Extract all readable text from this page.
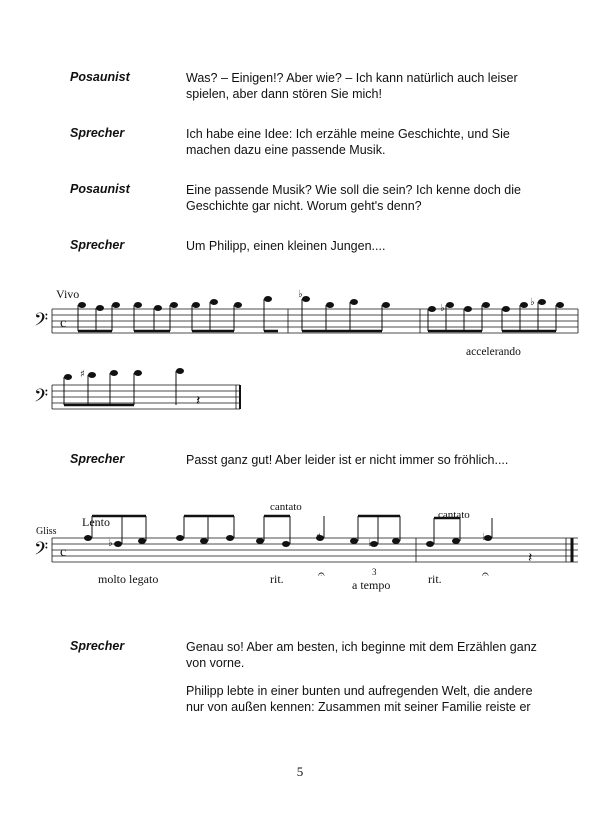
Posaunist	Was? – Einigen!? Aber wie? – Ich kann natürlich auch leiser
spielen, aber dann stören Sie mich!
Sprecher	Ich habe eine Idee: Ich erzähle meine Geschichte, und Sie
machen dazu eine passende Musik.
Posaunist	Eine passende Musik? Wie soll die sein? Ich kenne doch die
Geschichte gar nicht. Worum geht's denn?
Sprecher	Um Philipp, einen kleinen Jungen....
Vivo
𝄢 c
♭
♭
♭
𝄢
♯
𝄽
accelerando
Sprecher	Passt ganz gut! Aber leider ist er nicht immer so fröhlich....
Lento
Gliss
cantato
cantato
𝄢 c
♭
♯
♭
♭
𝄽
𝄐	𝄐
molto legato	rit.	3
a tempo	rit.
Sprecher	Genau so! Aber am besten, ich beginne mit dem Erzählen ganz
von vorne.
Philipp lebte in einer bunten und aufregenden Welt, die andere
nur von außen kennen: Zusammen mit seiner Familie reiste er
5
